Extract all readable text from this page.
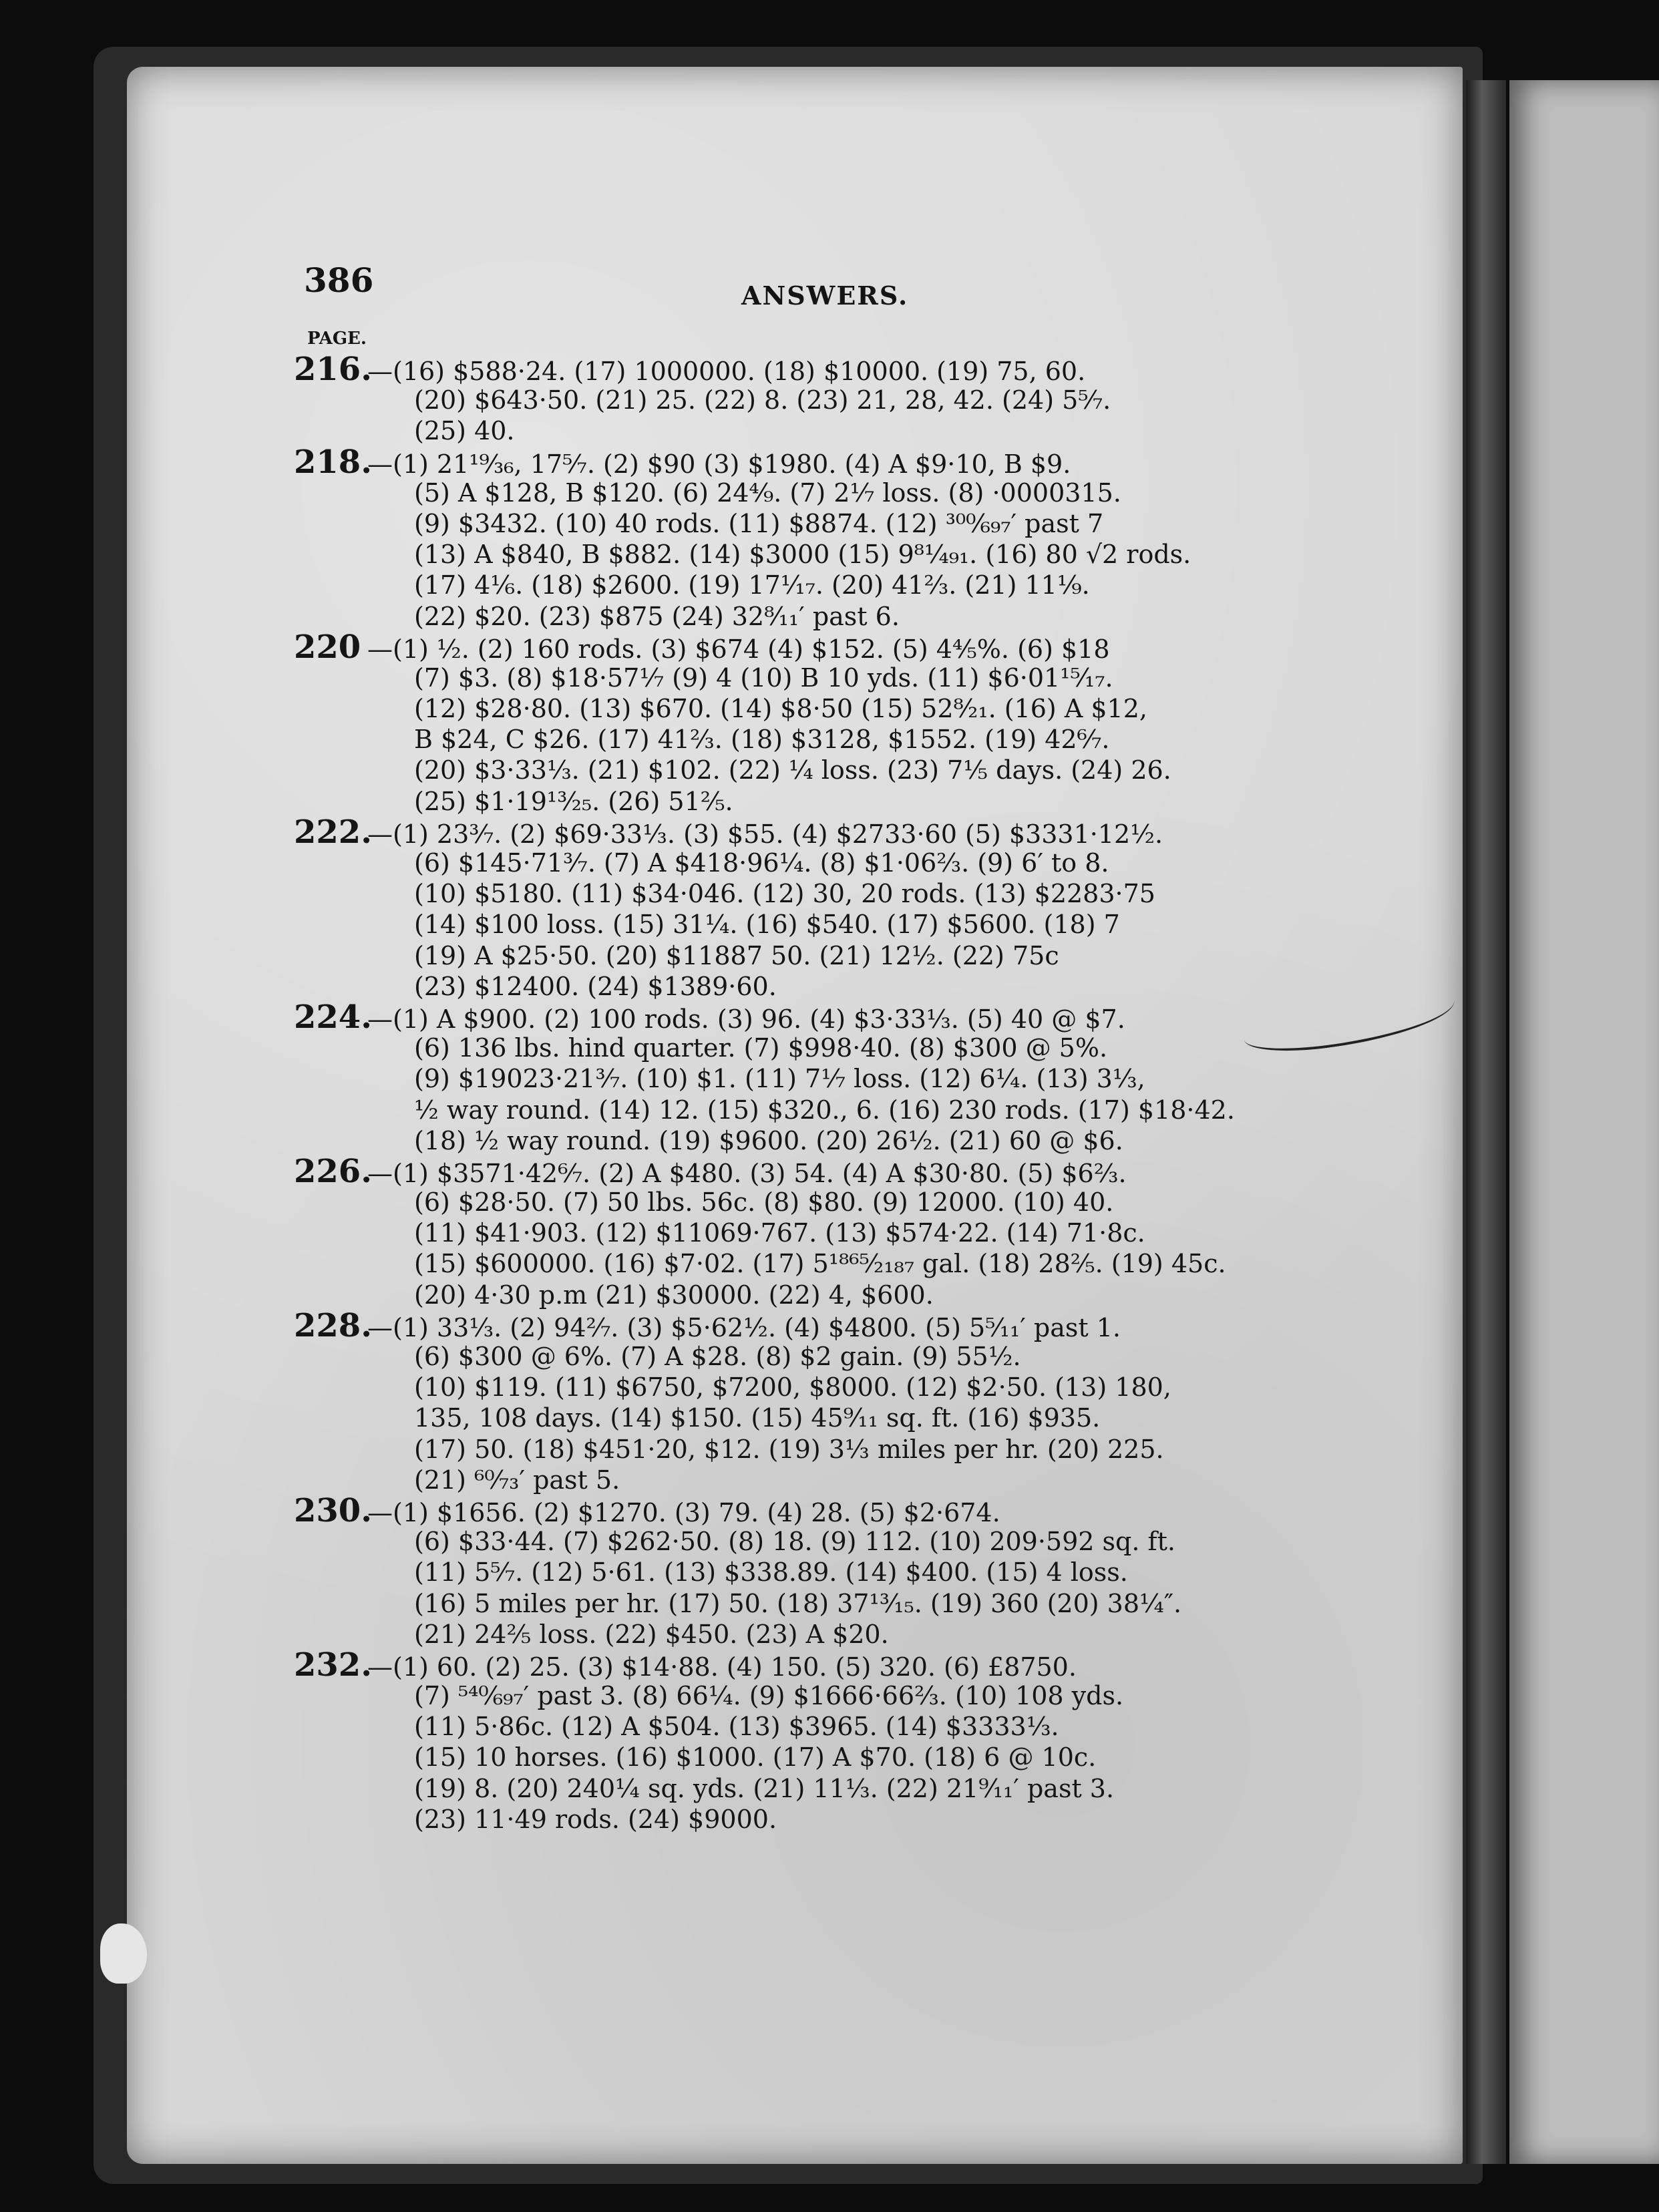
386	ANSWERS.
PAGE.
216.—(16) $588·24. (17) 1000000. (18) $10000. (19) 75, 60.
(20) $643·50. (21) 25. (22) 8. (23) 21, 28, 42. (24) 5⁵⁄₇.
(25) 40.
218.—(1) 21¹⁹⁄₃₆, 17⁵⁄₇. (2) $90 (3) $1980. (4) A $9·10, B $9.
(5) A $128, B $120. (6) 24⁴⁄₉. (7) 2¹⁄₇ loss. (8) ·0000315.
(9) $3432. (10) 40 rods. (11) $8874. (12) ³⁰⁰⁄₆₉₇′ past 7
(13) A $840, B $882. (14) $3000 (15) 9⁸¹⁄₄₉₁. (16) 80 √2 rods.
(17) 4¹⁄₆. (18) $2600. (19) 17¹⁄₁₇. (20) 41²⁄₃. (21) 11¹⁄₉.
(22) $20. (23) $875 (24) 32⁸⁄₁₁′ past 6.
220 —(1) ½. (2) 160 rods. (3) $674 (4) $152. (5) 4⁴⁄₅%. (6) $18
(7) $3. (8) $18·57¹⁄₇ (9) 4 (10) B 10 yds. (11) $6·01¹⁵⁄₁₇.
(12) $28·80. (13) $670. (14) $8·50 (15) 52⁸⁄₂₁. (16) A $12,
B $24, C $26. (17) 41²⁄₃. (18) $3128, $1552. (19) 42⁶⁄₇.
(20) $3·33¹⁄₃. (21) $102. (22) ¼ loss. (23) 7¹⁄₅ days. (24) 26.
(25) $1·19¹³⁄₂₅. (26) 51²⁄₅.
222.—(1) 23³⁄₇. (2) $69·33¹⁄₃. (3) $55. (4) $2733·60 (5) $3331·12½.
(6) $145·71³⁄₇. (7) A $418·96¼. (8) $1·06²⁄₃. (9) 6′ to 8.
(10) $5180. (11) $34·046. (12) 30, 20 rods. (13) $2283·75
(14) $100 loss. (15) 31¼. (16) $540. (17) $5600. (18) 7
(19) A $25·50. (20) $11887 50. (21) 12½. (22) 75c
(23) $12400. (24) $1389·60.
224.—(1) A $900. (2) 100 rods. (3) 96. (4) $3·33¹⁄₃. (5) 40 @ $7.
(6) 136 lbs. hind quarter. (7) $998·40. (8) $300 @ 5%.
(9) $19023·21³⁄₇. (10) $1. (11) 7¹⁄₇ loss. (12) 6¹⁄₄. (13) 3¹⁄₃,
½ way round. (14) 12. (15) $320., 6. (16) 230 rods. (17) $18·42.
(18) ½ way round. (19) $9600. (20) 26½. (21) 60 @ $6.
226.—(1) $3571·42⁶⁄₇. (2) A $480. (3) 54. (4) A $30·80. (5) $6²⁄₃.
(6) $28·50. (7) 50 lbs. 56c. (8) $80. (9) 12000. (10) 40.
(11) $41·903. (12) $11069·767. (13) $574·22. (14) 71·8c.
(15) $600000. (16) $7·02. (17) 5¹⁸⁶⁵⁄₂₁₈₇ gal. (18) 28²⁄₅. (19) 45c.
(20) 4·30 p.m (21) $30000. (22) 4, $600.
228.—(1) 33¹⁄₃. (2) 94²⁄₇. (3) $5·62½. (4) $4800. (5) 5⁵⁄₁₁′ past 1.
(6) $300 @ 6%. (7) A $28. (8) $2 gain. (9) 55½.
(10) $119. (11) $6750, $7200, $8000. (12) $2·50. (13) 180,
135, 108 days. (14) $150. (15) 45⁹⁄₁₁ sq. ft. (16) $935.
(17) 50. (18) $451·20, $12. (19) 3¹⁄₃ miles per hr. (20) 225.
(21) ⁶⁰⁄₇₃′ past 5.
230.—(1) $1656. (2) $1270. (3) 79. (4) 28. (5) $2·674.
(6) $33·44. (7) $262·50. (8) 18. (9) 112. (10) 209·592 sq. ft.
(11) 5⁵⁄₇. (12) 5·61. (13) $338.89. (14) $400. (15) 4 loss.
(16) 5 miles per hr. (17) 50. (18) 37¹³⁄₁₅. (19) 360 (20) 38¼″.
(21) 24²⁄₅ loss. (22) $450. (23) A $20.
232.—(1) 60. (2) 25. (3) $14·88. (4) 150. (5) 320. (6) £8750.
(7) ⁵⁴⁰⁄₆₉₇′ past 3. (8) 66¼. (9) $1666·66²⁄₃. (10) 108 yds.
(11) 5·86c. (12) A $504. (13) $3965. (14) $3333¹⁄₃.
(15) 10 horses. (16) $1000. (17) A $70. (18) 6 @ 10c.
(19) 8. (20) 240¼ sq. yds. (21) 11¹⁄₃. (22) 21⁹⁄₁₁′ past 3.
(23) 11·49 rods. (24) $9000.
